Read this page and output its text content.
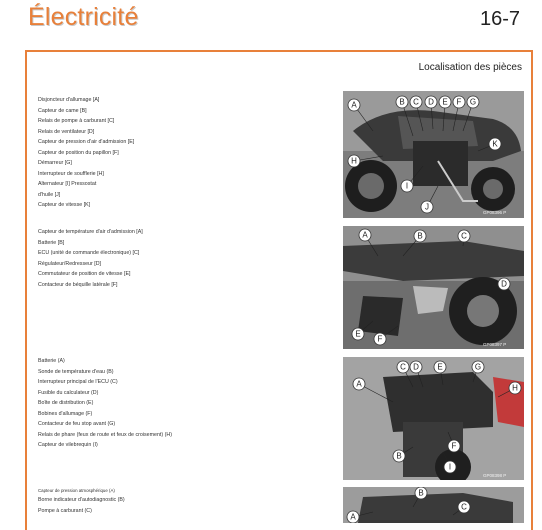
Électricité	16-7
Localisation des pièces
Disjoncteur d'allumage [A]
Capteur de came [B]
Relais de pompe à carburant [C]
Relais de ventilateur [D]
Capteur de pression d'air d'admission [E]
Capteur de position du papillon [F]
Démarreur [G]
Interrupteur de soufflerie [H]
Alternateur [I] Pressostat
d'huile [J]
Capteur de vitesse [K]
Capteur de température d'air d'admission [A]
Batterie [B]
ECU (unité de commande électronique) [C]
Régulateur/Redresseur [D]
Commutateur de position de vitesse [E]
Contacteur de béquille latérale [F]
Batterie (A)
Sonde de température d'eau (B)
Interrupteur principal de l'ECU (C)
Fusible du calculateur (D)
Boîte de distribution (E)
Bobines d'allumage (F)
Contacteur de feu stop avant (G)
Relais de phare (feux de route et feux de croisement) (H)
Capteur de vilebrequin (I)
Capteur de pression atmosphérique (A)
Borne indicateur d'autodiagnostic (B)
Pompe à carburant (C)
A	B C D E F G
H
I
J
K
GP08396 P
A	B	C
D
E
F
GP08397 P
A
B
C D E
F
G
H
I
GP08398 P
A
B
C
